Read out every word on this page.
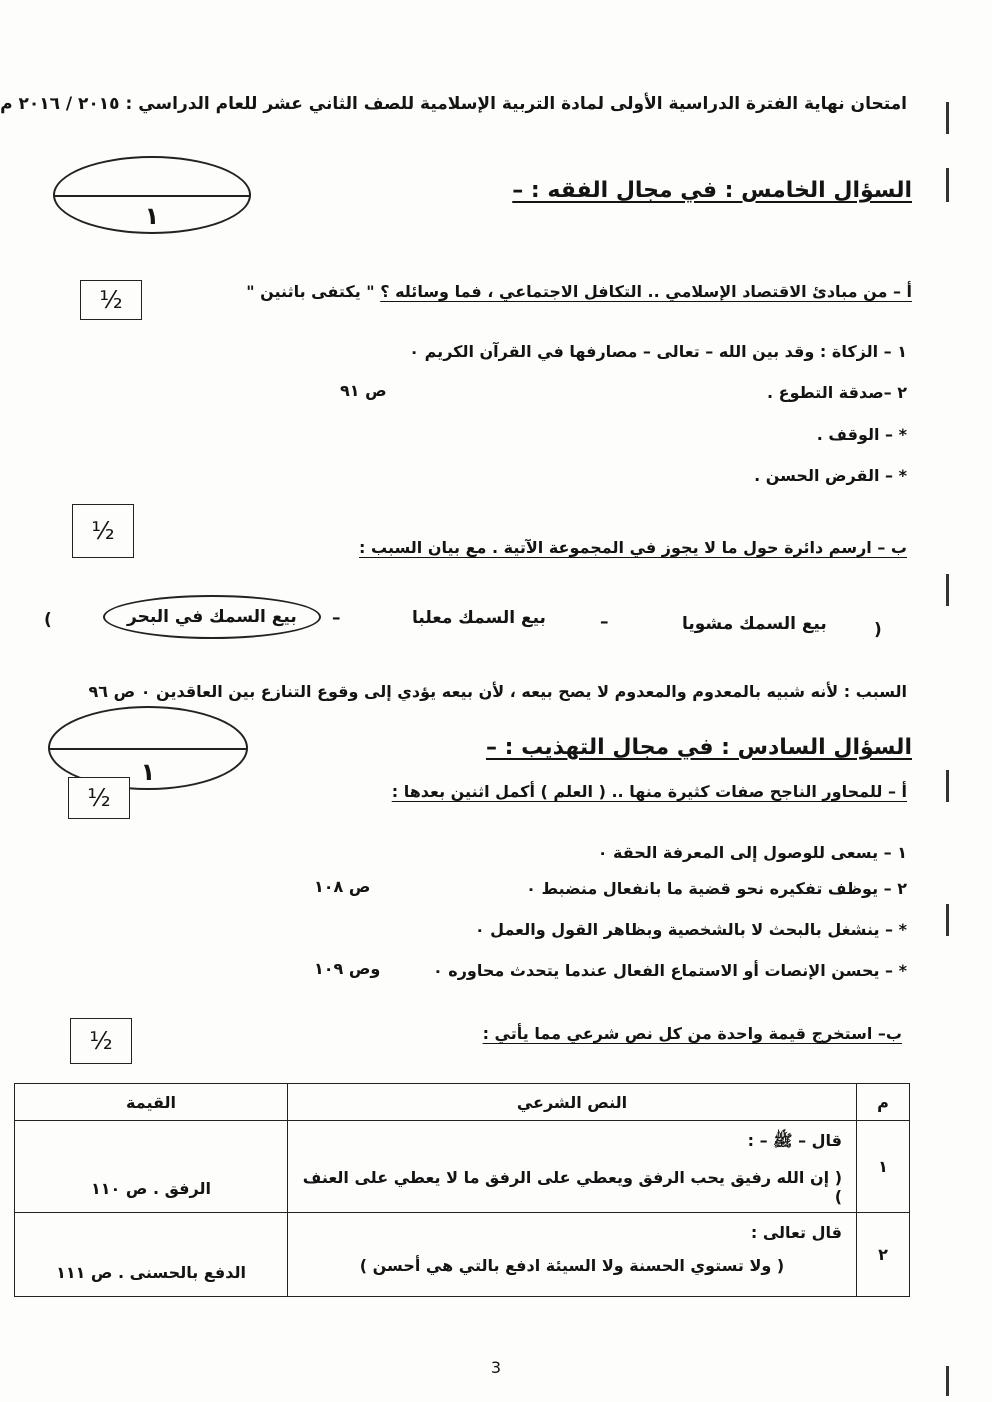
امتحان نهاية الفترة الدراسية الأولى لمادة التربية الإسلامية للصف الثاني عشر للعام الدراسي : ٢٠١٥ / ٢٠١٦ م
١
السؤال الخامس : في مجال الفقه : –
½	أ – من مبادئ الاقتصاد الإسلامي .. التكافل الاجتماعي ، فما وسائله ؟ " يكتفى باثنين "
١ – الزكاة : وقد بين الله – تعالى – مصارفها في القرآن الكريم ٠
٢ –صدقة التطوع .
ص ٩١
* – الوقف .
* – القرض الحسن .
½
ب – ارسم دائرة حول ما لا يجوز في المجموعة الآتية . مع بيان السبب :
(
بيع السمك مشويا
–
بيع السمك معلبا
–
بيع السمك في البحر
)
السبب : لأنه شبيه بالمعدوم والمعدوم لا يصح بيعه ، لأن بيعه يؤدي إلى وقوع التنازع بين العاقدين ٠ ص ٩٦
١
½
السؤال السادس : في مجال التهذيب : –
أ – للمحاور الناجح صفات كثيرة منها .. ( العلم ) أكمل اثنين بعدها :
١ – يسعى للوصول إلى المعرفة الحقة ٠
٢ – يوظف تفكيره نحو قضية ما بانفعال منضبط ٠
ص ١٠٨
* – ينشغل بالبحث لا بالشخصية وبظاهر القول والعمل ٠
* – يحسن الإنصات أو الاستماع الفعال عندما يتحدث محاوره ٠
وص ١٠٩
½	ب– استخرج قيمة واحدة من كل نص شرعي مما يأتي :
م	النص الشرعي	القيمة
١	قال – ﷺ – :
( إن الله رفيق يحب الرفق ويعطي على الرفق ما لا يعطي على العنف )	الرفق . ص ١١٠
٢	قال تعالى :
( ولا تستوي الحسنة ولا السيئة ادفع بالتي هي أحسن )	الدفع بالحسنى . ص ١١١
3
